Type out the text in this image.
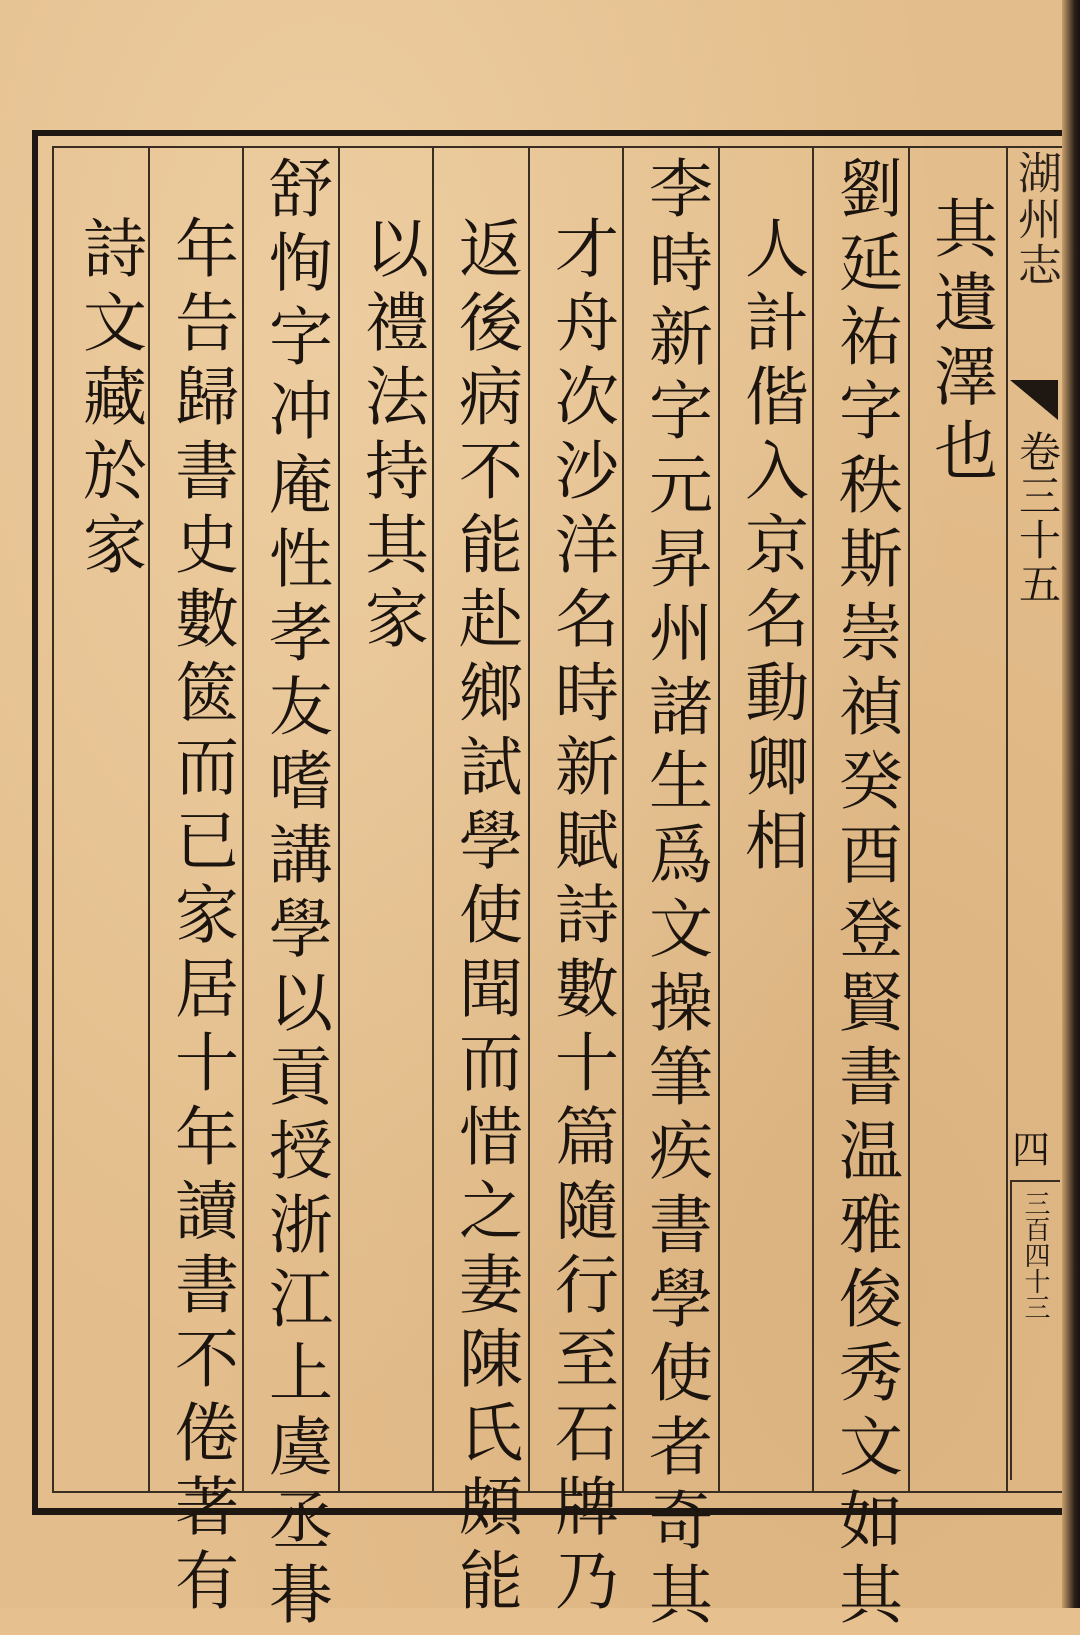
其遺澤也
劉延祐字秩斯崇禎癸酉登賢書温雅俊秀文如其
人計偕入京名動卿相
李時新字元昇州諸生爲文操筆疾書學使者奇其
才舟次沙洋名時新賦詩數十篇隨行至石牌乃
返後病不能赴鄉試學使聞而惜之妻陳氏頗能
以禮法持其家
舒恂字冲庵性孝友嗜講學以貢授浙江上虞丞朞
年告歸書史數篋而已家居十年讀書不倦著有
詩文藏於家	湖州志
卷三十五
四
三百四十三
